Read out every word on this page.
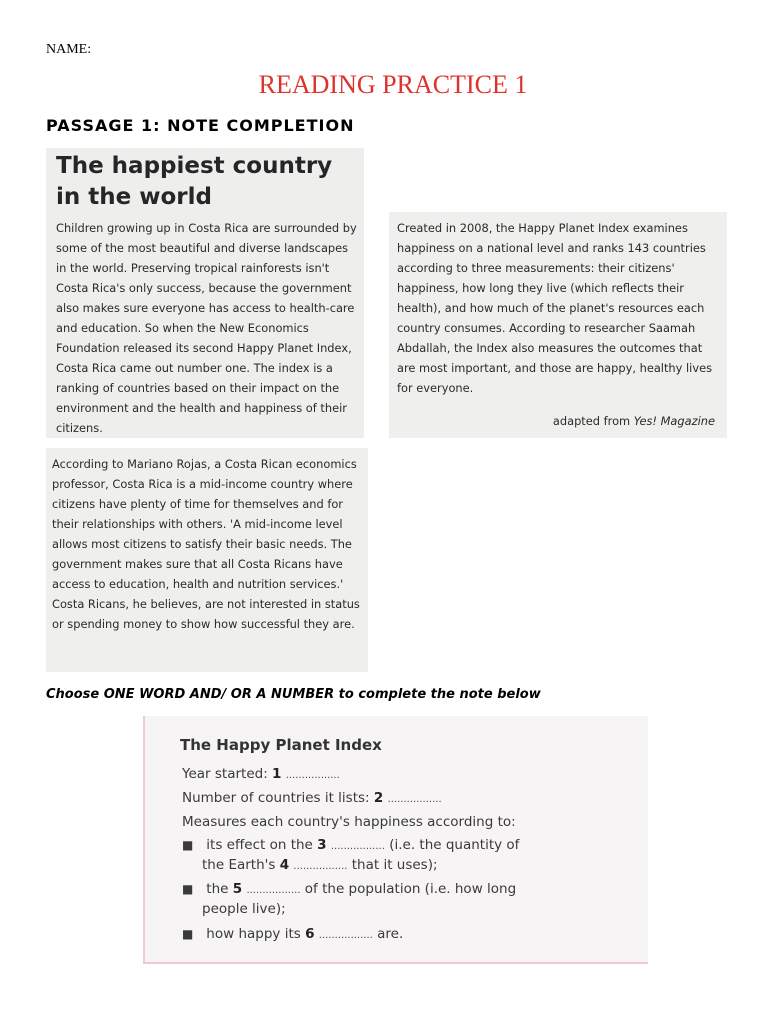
NAME:
READING PRACTICE 1
PASSAGE 1: NOTE COMPLETION
The happiest country
in the world

Children growing up in Costa Rica are surrounded by some of the most beautiful and diverse landscapes in the world. Preserving tropical rainforests isn't Costa Rica's only success, because the government also makes sure everyone has access to health-care and education. So when the New Economics Foundation released its second Happy Planet Index, Costa Rica came out number one. The index is a ranking of countries based on their impact on the environment and the health and happiness of their citizens.

Created in 2008, the Happy Planet Index examines happiness on a national level and ranks 143 countries according to three measurements: their citizens' happiness, how long they live (which reflects their health), and how much of the planet's resources each country consumes. According to researcher Saamah Abdallah, the Index also measures the outcomes that are most important, and those are happy, healthy lives for everyone.

adapted from Yes! Magazine

According to Mariano Rojas, a Costa Rican economics professor, Costa Rica is a mid-income country where citizens have plenty of time for themselves and for their relationships with others. 'A mid-income level allows most citizens to satisfy their basic needs. The government makes sure that all Costa Ricans have access to education, health and nutrition services.' Costa Ricans, he believes, are not interested in status or spending money to show how successful they are.

Choose ONE WORD AND/ OR A NUMBER to complete the note below
The Happy Planet Index
Year started: 1 .................
Number of countries it lists: 2 .................
Measures each country's happiness according to:
■ its effect on the 3 ................. (i.e. the quantity of
the Earth's 4 ................. that it uses);
■ the 5 ................. of the population (i.e. how long
people live);
■ how happy its 6 ................. are.
